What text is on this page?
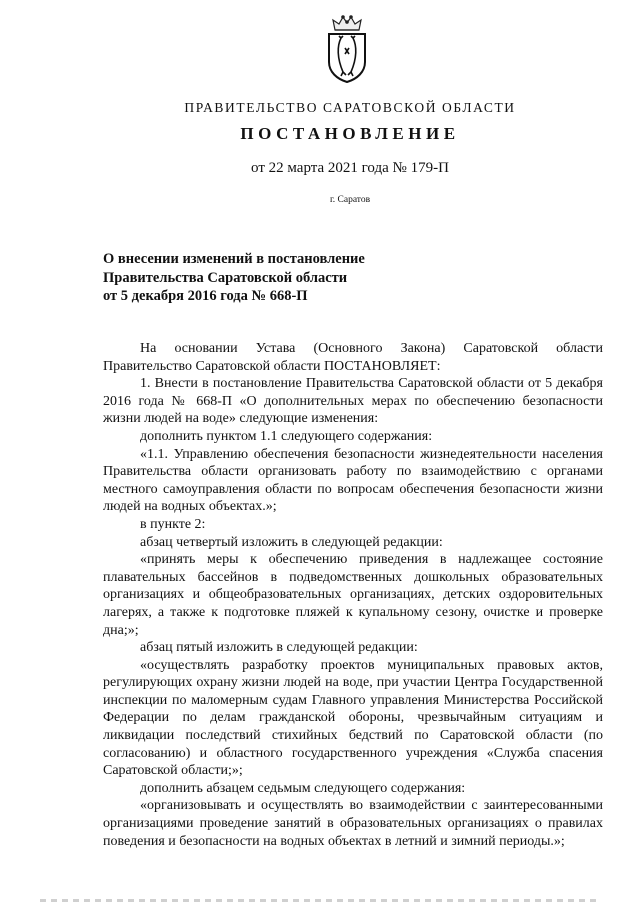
ПРАВИТЕЛЬСТВО САРАТОВСКОЙ ОБЛАСТИ
ПОСТАНОВЛЕНИЕ
от 22 марта 2021 года № 179-П
г. Саратов
О внесении изменений в постановление
Правительства Саратовской области
от 5 декабря 2016 года № 668-П

На основании Устава (Основного Закона) Саратовской области Правительство Саратовской области ПОСТАНОВЛЯЕТ:

1. Внести в постановление Правительства Саратовской области от 5 декабря 2016 года № 668-П «О дополнительных мерах по обеспечению безопасности жизни людей на воде» следующие изменения:

дополнить пунктом 1.1 следующего содержания:

«1.1. Управлению обеспечения безопасности жизнедеятельности населения Правительства области организовать работу по взаимодействию с органами местного самоуправления области по вопросам обеспечения безопасности жизни людей на водных объектах.»;

в пункте 2:

абзац четвертый изложить в следующей редакции:

«принять меры к обеспечению приведения в надлежащее состояние плавательных бассейнов в подведомственных дошкольных образовательных организациях и общеобразовательных организациях, детских оздоровительных лагерях, а также к подготовке пляжей к купальному сезону, очистке и проверке дна;»;

абзац пятый изложить в следующей редакции:

«осуществлять разработку проектов муниципальных правовых актов, регулирующих охрану жизни людей на воде, при участии Центра Государственной инспекции по маломерным судам Главного управления Министерства Российской Федерации по делам гражданской обороны, чрезвычайным ситуациям и ликвидации последствий стихийных бедствий по Саратовской области (по согласованию) и областного государственного учреждения «Служба спасения Саратовской области;»;

дополнить абзацем седьмым следующего содержания:

«организовывать и осуществлять во взаимодействии с заинтересованными организациями проведение занятий в образовательных организациях о правилах поведения и безопасности на водных объектах в летний и зимний периоды.»;
